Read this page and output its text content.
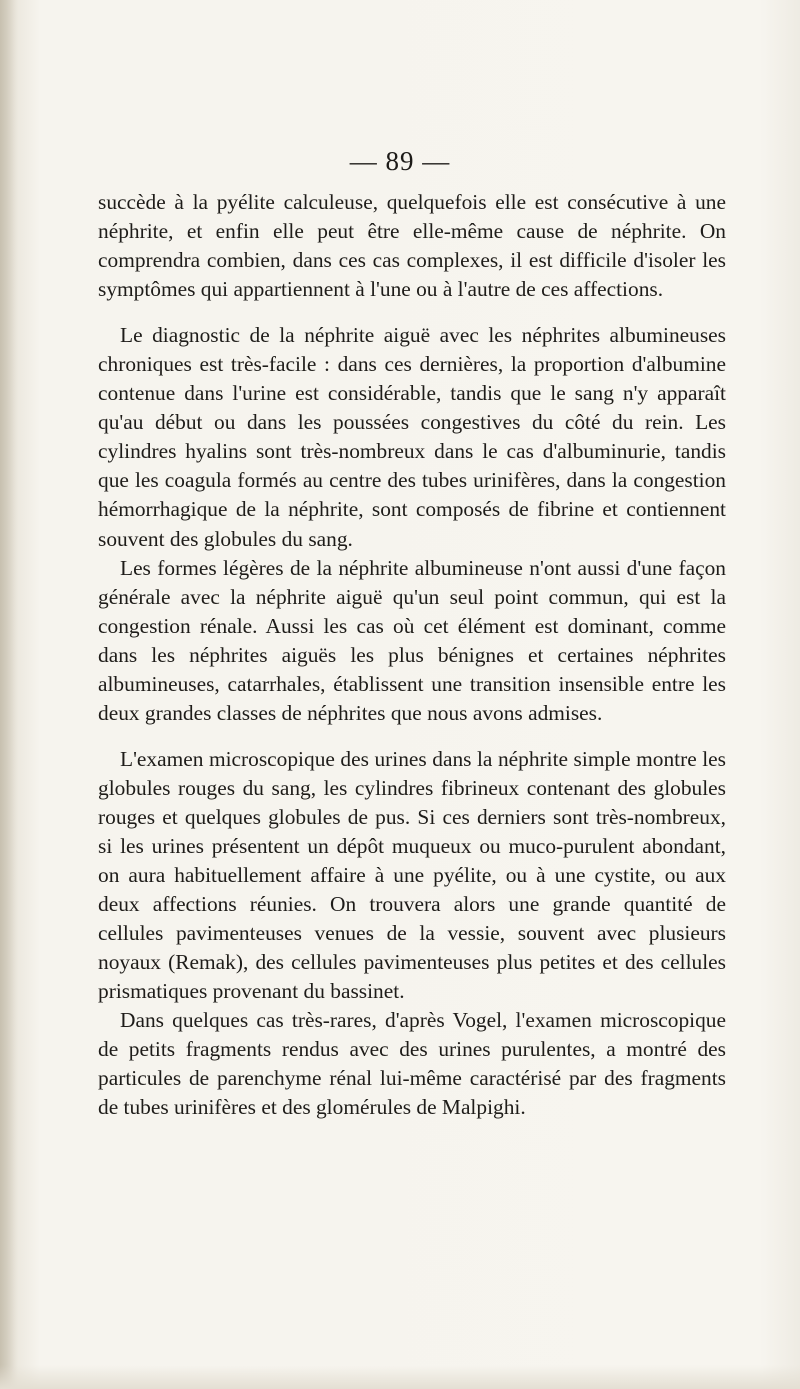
— 89 —

succède à la pyélite calculeuse, quelquefois elle est consécutive à une néphrite, et enfin elle peut être elle-même cause de néphrite. On comprendra combien, dans ces cas complexes, il est difficile d'isoler les symptômes qui appartiennent à l'une ou à l'autre de ces affections.

Le diagnostic de la néphrite aiguë avec les néphrites albumineuses chroniques est très-facile : dans ces dernières, la proportion d'albumine contenue dans l'urine est considérable, tandis que le sang n'y apparaît qu'au début ou dans les poussées congestives du côté du rein. Les cylindres hyalins sont très-nombreux dans le cas d'albuminurie, tandis que les coagula formés au centre des tubes urinifères, dans la congestion hémorrhagique de la néphrite, sont composés de fibrine et contiennent souvent des globules du sang.

Les formes légères de la néphrite albumineuse n'ont aussi d'une façon générale avec la néphrite aiguë qu'un seul point commun, qui est la congestion rénale. Aussi les cas où cet élément est dominant, comme dans les néphrites aiguës les plus bénignes et certaines néphrites albumineuses, catarrhales, établissent une transition insensible entre les deux grandes classes de néphrites que nous avons admises.

L'examen microscopique des urines dans la néphrite simple montre les globules rouges du sang, les cylindres fibrineux contenant des globules rouges et quelques globules de pus. Si ces derniers sont très-nombreux, si les urines présentent un dépôt muqueux ou muco-purulent abondant, on aura habituellement affaire à une pyélite, ou à une cystite, ou aux deux affections réunies. On trouvera alors une grande quantité de cellules pavimenteuses venues de la vessie, souvent avec plusieurs noyaux (Remak), des cellules pavimenteuses plus petites et des cellules prismatiques provenant du bassinet.

Dans quelques cas très-rares, d'après Vogel, l'examen microscopique de petits fragments rendus avec des urines purulentes, a montré des particules de parenchyme rénal lui-même caractérisé par des fragments de tubes urinifères et des glomérules de Malpighi.
